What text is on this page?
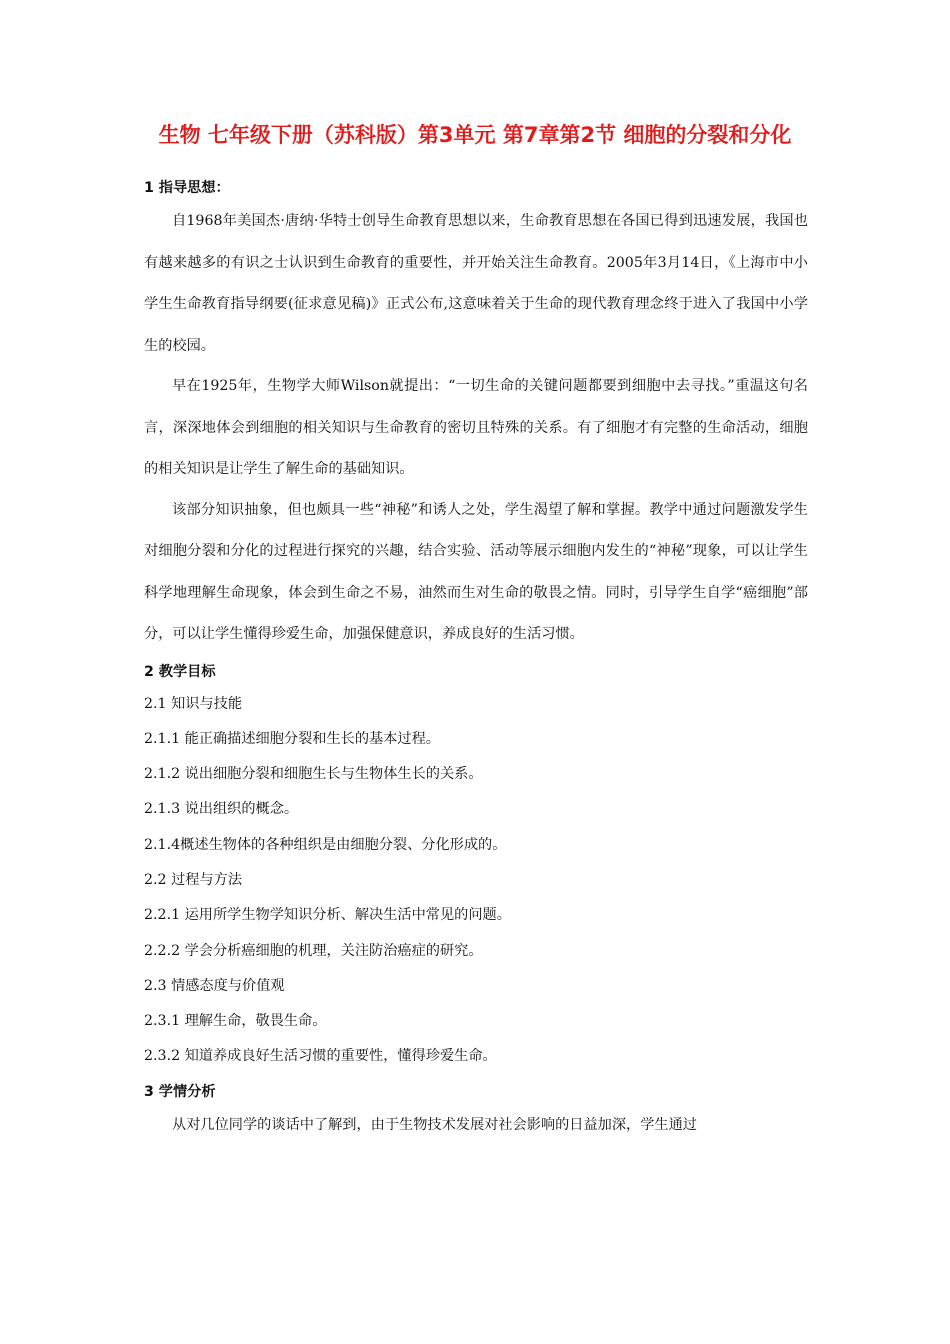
生物 七年级下册（苏科版）第3单元 第7章第2节 细胞的分裂和分化
1 指导思想：

自1968年美国杰·唐纳·华特士创导生命教育思想以来，生命教育思想在各国已得到迅速发展，我国也有越来越多的有识之士认识到生命教育的重要性，并开始关注生命教育。2005年3月14日，《上海市中小学生生命教育指导纲要(征求意见稿)》正式公布,这意味着关于生命的现代教育理念终于进入了我国中小学生的校园。

早在1925年，生物学大师Wilson就提出：“一切生命的关键问题都要到细胞中去寻找。”重温这句名言，深深地体会到细胞的相关知识与生命教育的密切且特殊的关系。有了细胞才有完整的生命活动，细胞的相关知识是让学生了解生命的基础知识。

该部分知识抽象，但也颇具一些“神秘”和诱人之处，学生渴望了解和掌握。教学中通过问题激发学生对细胞分裂和分化的过程进行探究的兴趣，结合实验、活动等展示细胞内发生的“神秘”现象，可以让学生科学地理解生命现象，体会到生命之不易，油然而生对生命的敬畏之情。同时，引导学生自学“癌细胞”部分，可以让学生懂得珍爱生命，加强保健意识，养成良好的生活习惯。

2 教学目标
2.1 知识与技能
2.1.1 能正确描述细胞分裂和生长的基本过程。
2.1.2 说出细胞分裂和细胞生长与生物体生长的关系。
2.1.3 说出组织的概念。
2.1.4概述生物体的各种组织是由细胞分裂、分化形成的。
2.2 过程与方法
2.2.1 运用所学生物学知识分析、解决生活中常见的问题。
2.2.2 学会分析癌细胞的机理，关注防治癌症的研究。
2.3 情感态度与价值观
2.3.1 理解生命，敬畏生命。
2.3.2 知道养成良好生活习惯的重要性，懂得珍爱生命。
3 学情分析

从对几位同学的谈话中了解到，由于生物技术发展对社会影响的日益加深，学生通过
